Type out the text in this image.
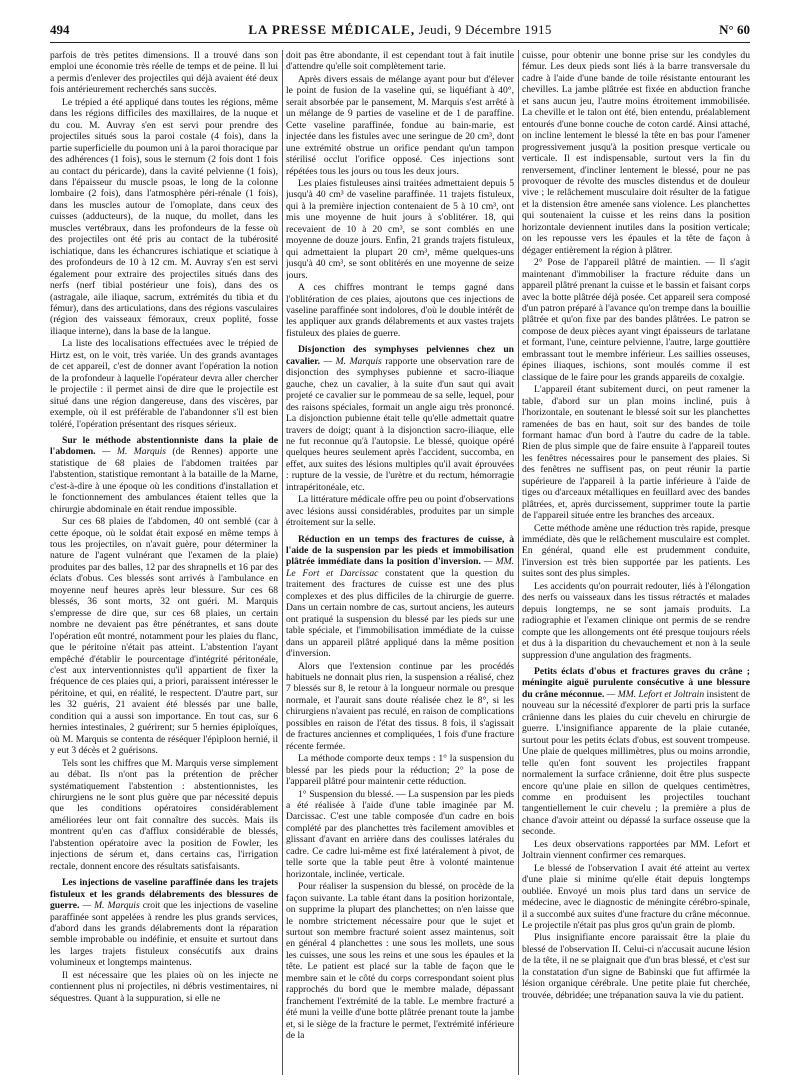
494	LA PRESSE MÉDICALE, Jeudi, 9 Décembre 1915	N° 60

parfois de très petites dimensions. Il a trouvé dans son emploi une économie très réelle de temps et de peine. Il lui a permis d'enlever des projectiles qui déjà avaient été deux fois antérieurement recherchés sans succès.

Le trépied a été appliqué dans toutes les régions, même dans les régions difficiles des maxillaires, de la nuque et du cou. M. Auvray s'en est servi pour prendre des projectiles situés sous la paroi costale (4 fois), dans la partie superficielle du poumon uni à la paroi thoracique par des adhérences (1 fois), sous le sternum (2 fois dont 1 fois au contact du péricarde), dans la cavité pelvienne (1 fois), dans l'épaisseur du muscle psoas, le long de la colonne lombaire (2 fois), dans l'atmosphère péri-rénale (1 fois), dans les muscles autour de l'omoplate, dans ceux des cuisses (adducteurs), de la nuque, du mollet, dans les muscles vertébraux, dans les profondeurs de la fesse où des projectiles ont été pris au contact de la tubérosité ischiatique, dans les échancrures ischiatique et sciatique à des profondeurs de 10 à 12 cm. M. Auvray s'en est servi également pour extraire des projectiles situés dans des nerfs (nerf tibial postérieur une fois), dans des os (astragale, aile iliaque, sacrum, extrémités du tibia et du fémur), dans des articulations, dans des régions vasculaires (région des vaisseaux fémoraux, creux poplité, fosse iliaque interne), dans la base de la langue.

La liste des localisations effectuées avec le trépied de Hirtz est, on le voit, très variée. Un des grands avantages de cet appareil, c'est de donner avant l'opération la notion de la profondeur à laquelle l'opérateur devra aller chercher le projectile : il permet ainsi de dire que le projectile est situé dans une région dangereuse, dans des viscères, par exemple, où il est préférable de l'abandonner s'il est bien toléré, l'opération présentant des risques sérieux.

Sur le méthode abstentionniste dans la plaie de l'abdomen. — M. Marquis (de Rennes) apporte une statistique de 68 plaies de l'abdomen traitées par l'abstention, statistique remontant à la bataille de la Marne, c'est-à-dire à une époque où les conditions d'installation et le fonctionnement des ambulances étaient telles que la chirurgie abdominale en était rendue impossible.

Sur ces 68 plaies de l'abdomen, 40 ont semblé (car à cette époque, où le soldat était exposé en même temps à tous les projectiles, on n'avait guère, pour déterminer la nature de l'agent vulnérant que l'examen de la plaie) produites par des balles, 12 par des shrapnells et 16 par des éclats d'obus. Ces blessés sont arrivés à l'ambulance en moyenne neuf heures après leur blessure. Sur ces 68 blessés, 36 sont morts, 32 ont guéri. M. Marquis s'empresse de dire que, sur ces 68 plaies, un certain nombre ne devaient pas être pénétrantes, et sans doute l'opération eût montré, notamment pour les plaies du flanc, que le péritoine n'était pas atteint. L'abstention l'ayant empêché d'établir le pourcentage d'intégrité péritonéale, c'est aux interventionnistes qu'il appartient de fixer la fréquence de ces plaies qui, a priori, paraissent intéresser le péritoine, et qui, en réalité, le respectent. D'autre part, sur les 32 guéris, 21 avaient été blessés par une balle, condition qui a aussi son importance. En tout cas, sur 6 hernies intestinales, 2 guérirent; sur 5 hernies épiploïques, où M. Marquis se contenta de réséquer l'épiploon hernié, il y eut 3 décès et 2 guérisons.

Tels sont les chiffres que M. Marquis verse simplement au débat. Ils n'ont pas la prétention de prêcher systématiquement l'abstention : abstentionnistes, les chirurgiens ne le sont plus guère que par nécessité depuis que les conditions opératoires considérablement améliorées leur ont fait connaître des succès. Mais ils montrent qu'en cas d'afflux considérable de blessés, l'abstention opératoire avec la position de Fowler, les injections de sérum et, dans certains cas, l'irrigation rectale, donnent encore des résultats satisfaisants.

Les injections de vaseline paraffinée dans les trajets fistuleux et les grands délabrements des blessures de guerre. — M. Marquis croit que les injections de vaseline paraffinée sont appelées à rendre les plus grands services, d'abord dans les grands délabrements dont la réparation semble improbable ou indéfinie, et ensuite et surtout dans les larges trajets fistuleux consécutifs aux drains volumineux et longtemps maintenus.

Il est nécessaire que les plaies où on les injecte ne contiennent plus ni projectiles, ni débris vestimentaires, ni séquestres. Quant à la suppuration, si elle ne

doit pas être abondante, il est cependant tout à fait inutile d'attendre qu'elle soit complètement tarie.

Après divers essais de mélange ayant pour but d'élever le point de fusion de la vaseline qui, se liquéfiant à 40°, serait absorbée par le pansement, M. Marquis s'est arrêté à un mélange de 9 parties de vaseline et de 1 de paraffine. Cette vaseline paraffinée, fondue au bain-marie, est injectée dans les fistules avec une seringue de 20 cm³, dont une extrémité obstrue un orifice pendant qu'un tampon stérilisé occlut l'orifice opposé. Ces injections sont répétées tous les jours ou tous les deux jours.

Les plaies fistuleuses ainsi traitées admettaient depuis 5 jusqu'à 40 cm³ de vaseline paraffinée. 11 trajets fistuleux, qui à la première injection contenaient de 5 à 10 cm³, ont mis une moyenne de huit jours à s'oblitérer. 18, qui recevaient de 10 à 20 cm³, se sont comblés en une moyenne de douze jours. Enfin, 21 grands trajets fistuleux, qui admettaient la plupart 20 cm³, même quelques-uns jusqu'à 40 cm³, se sont oblitérés en une moyenne de seize jours.

A ces chiffres montrant le temps gagné dans l'oblitération de ces plaies, ajoutons que ces injections de vaseline paraffinée sont indolores, d'où le double intérêt de les appliquer aux grands délabrements et aux vastes trajets fistuleux des plaies de guerre.

Disjonction des symphyses pelviennes chez un cavalier. — M. Marquis rapporte une observation rare de disjonction des symphyses pubienne et sacro-iliaque gauche, chez un cavalier, à la suite d'un saut qui avait projeté ce cavalier sur le pommeau de sa selle, lequel, pour des raisons spéciales, formait un angle aigu très prononcé. La disjonction pubienne était telle qu'elle admettait quatre travers de doigt; quant à la disjonction sacro-iliaque, elle ne fut reconnue qu'à l'autopsie. Le blessé, quoique opéré quelques heures seulement après l'accident, succomba, en effet, aux suites des lésions multiples qu'il avait éprouvées : rupture de la vessie, de l'urètre et du rectum, hémorragie intrapéritonéale, etc.

La littérature médicale offre peu ou point d'observations avec lésions aussi considérables, produites par un simple étroitement sur la selle.

Réduction en un temps des fractures de cuisse, à l'aide de la suspension par les pieds et immobilisation plâtrée immédiate dans la position d'inversion. — MM. Le Fort et Darcissac constatent que la question du traitement des fractures de cuisse est une des plus complexes et des plus difficiles de la chirurgie de guerre. Dans un certain nombre de cas, surtout anciens, les auteurs ont pratiqué la suspension du blessé par les pieds sur une table spéciale, et l'immobilisation immédiate de la cuisse dans un appareil plâtré appliqué dans la même position d'inversion.

Alors que l'extension continue par les procédés habituels ne donnait plus rien, la suspension a réalisé, chez 7 blessés sur 8, le retour à la longueur normale ou presque normale, et l'aurait sans doute réalisée chez le 8°, si les chirurgiens n'avaient pas reculé, en raison de complications possibles en raison de l'état des tissus. 8 fois, il s'agissait de fractures anciennes et compliquées, 1 fois d'une fracture récente fermée.

La méthode comporte deux temps : 1° la suspension du blessé par les pieds pour la réduction; 2° la pose de l'appareil plâtré pour maintenir cette réduction.

1° Suspension du blessé. — La suspension par les pieds a été réalisée à l'aide d'une table imaginée par M. Darcissac. C'est une table composée d'un cadre en bois complété par des planchettes très facilement amovibles et glissant d'avant en arrière dans des coulisses latérales du cadre. Ce cadre lui-même est fixé latéralement à pivot, de telle sorte que la table peut être à volonté maintenue horizontale, inclinée, verticale.

Pour réaliser la suspension du blessé, on procède de la façon suivante. La table étant dans la position horizontale, on supprime la plupart des planchettes; on n'en laisse que le nombre strictement nécessaire pour que le sujet et surtout son membre fracturé soient assez maintenus, soit en général 4 planchettes : une sous les mollets, une sous les cuisses, une sous les reins et une sous les épaules et la tête. Le patient est placé sur la table de façon que le membre sain et le côté du corps correspondant soient plus rapprochés du bord que le membre malade, dépassant franchement l'extrémité de la table. Le membre fracturé a été muni la veille d'une botte plâtrée prenant toute la jambe et, si le siège de la fracture le permet, l'extrémité inférieure de la

cuisse, pour obtenir une bonne prise sur les condyles du fémur. Les deux pieds sont liés à la barre transversale du cadre à l'aide d'une bande de toile résistante entourant les chevilles. La jambe plâtrée est fixée en abduction franche et sans aucun jeu, l'autre moins étroitement immobilisée. La cheville et le talon ont été, bien entendu, préalablement entourés d'une bonne couche de coton cardé. Ainsi attaché, on incline lentement le blessé la tête en bas pour l'amener progressivement jusqu'à la position presque verticale ou verticale. Il est indispensable, surtout vers la fin du renversement, d'incliner lentement le blessé, pour ne pas provoquer de révolte des muscles distendus et de douleur vive ; le relâchement musculaire doit résulter de la fatigue et la distension être amenée sans violence. Les planchettes qui soutenaient la cuisse et les reins dans la position horizontale deviennent inutiles dans la position verticale; on les repousse vers les épaules et la tête de façon à dégager entièrement la région à plâtrer.

2° Pose de l'appareil plâtré de maintien. — Il s'agit maintenant d'immobiliser la fracture réduite dans un appareil plâtré prenant la cuisse et le bassin et faisant corps avec la botte plâtrée déjà posée. Cet appareil sera composé d'un patron préparé à l'avance qu'on trempe dans la bouillie plâtrée et qu'on fixe par des bandes plâtrées. Le patron se compose de deux pièces ayant vingt épaisseurs de tarlatane et formant, l'une, ceinture pelvienne, l'autre, large gouttière embrassant tout le membre inférieur. Les saillies osseuses, épines iliaques, ischions, sont moulés comme il est classique de le faire pour les grands appareils de coxalgie.

L'appareil étant subitement durci, on peut ramener la table, d'abord sur un plan moins incliné, puis à l'horizontale, en soutenant le blessé soit sur les planchettes ramenées de bas en haut, soit sur des bandes de toile formant hamac d'un bord à l'autre du cadre de la table. Rien de plus simple que de faire ensuite à l'appareil toutes les fenêtres nécessaires pour le pansement des plaies. Si des fenêtres ne suffisent pas, on peut réunir la partie supérieure de l'appareil à la partie inférieure à l'aide de tiges ou d'arceaux métalliques en feuillard avec des bandes plâtrées, et, après durcissement, supprimer toute la partie de l'appareil située entre les branches des arceaux.

Cette méthode amène une réduction très rapide, presque immédiate, dès que le relâchement musculaire est complet. En général, quand elle est prudemment conduite, l'inversion est très bien supportée par les patients. Les suites sont des plus simples.

Les accidents qu'on pourrait redouter, liés à l'élongation des nerfs ou vaisseaux dans les tissus rétractés et malades depuis longtemps, ne se sont jamais produits. La radiographie et l'examen clinique ont permis de se rendre compte que les allongements ont été presque toujours réels et dus à la disparition du chevauchement et non à la seule suppression d'une angulation des fragments.

Petits éclats d'obus et fractures graves du crâne ; méningite aiguë purulente consécutive à une blessure du crâne méconnue. — MM. Lefort et Joltrain insistent de nouveau sur la nécessité d'explorer de parti pris la surface crânienne dans les plaies du cuir chevelu en chirurgie de guerre. L'insignifiance apparente de la plaie cutanée, surtout pour les petits éclats d'obus, est souvent trompeuse. Une plaie de quelques millimètres, plus ou moins arrondie, telle qu'en font souvent les projectiles frappant normalement la surface crânienne, doit être plus suspecte encore qu'une plaie en sillon de quelques centimètres, comme en produisent les projectiles touchant tangentiellement le cuir chevelu ; la première a plus de chance d'avoir atteint ou dépassé la surface osseuse que la seconde.

Les deux observations rapportées par MM. Lefort et Joltrain viennent confirmer ces remarques.

Le blessé de l'observation I avait été atteint au vertex d'une plaie si minime qu'elle était depuis longtemps oubliée. Envoyé un mois plus tard dans un service de médecine, avec le diagnostic de méningite cérébro-spinale, il a succombé aux suites d'une fracture du crâne méconnue. Le projectile n'était pas plus gros qu'un grain de plomb.

Plus insignifiante encore paraissait être la plaie du blessé de l'observation II. Celui-ci n'accusait aucune lésion de la tête, il ne se plaignait que d'un bras blessé, et c'est sur la constatation d'un signe de Babinski que fut affirmée la lésion organique cérébrale. Une petite plaie fut cherchée, trouvée, débridée; une trépanation sauva la vie du patient.
